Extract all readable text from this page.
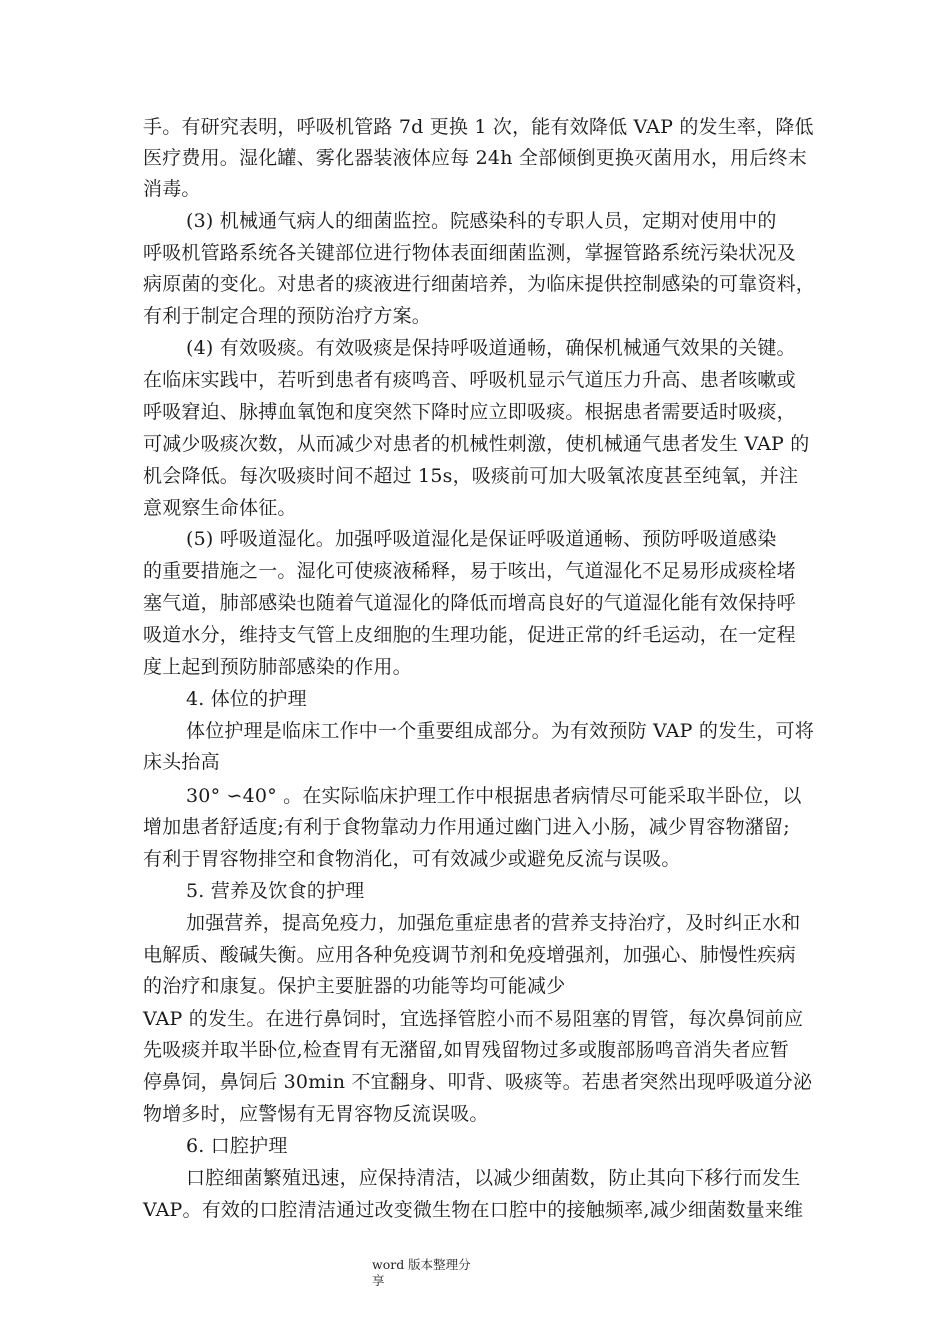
手。有研究表明，呼吸机管路 7d 更换 1 次，能有效降低 VAP 的发生率，降低
医疗费用。湿化罐、雾化器装液体应每 24h 全部倾倒更换灭菌用水，用后终末
消毒。
(3) 机械通气病人的细菌监控。院感染科的专职人员，定期对使用中的
呼吸机管路系统各关键部位进行物体表面细菌监测，掌握管路系统污染状况及
病原菌的变化。对患者的痰液进行细菌培养，为临床提供控制感染的可靠资料，
有利于制定合理的预防治疗方案。
(4) 有效吸痰。有效吸痰是保持呼吸道通畅，确保机械通气效果的关键。
在临床实践中，若听到患者有痰鸣音、呼吸机显示气道压力升高、患者咳嗽或
呼吸窘迫、脉搏血氧饱和度突然下降时应立即吸痰。根据患者需要适时吸痰，
可减少吸痰次数，从而减少对患者的机械性刺激，使机械通气患者发生 VAP 的
机会降低。每次吸痰时间不超过 15s，吸痰前可加大吸氧浓度甚至纯氧，并注
意观察生命体征。
(5) 呼吸道湿化。加强呼吸道湿化是保证呼吸道通畅、预防呼吸道感染
的重要措施之一。湿化可使痰液稀释，易于咳出，气道湿化不足易形成痰栓堵
塞气道，肺部感染也随着气道湿化的降低而增高良好的气道湿化能有效保持呼
吸道水分，维持支气管上皮细胞的生理功能，促进正常的纤毛运动，在一定程
度上起到预防肺部感染的作用。
4. 体位的护理
体位护理是临床工作中一个重要组成部分。为有效预防 VAP 的发生，可将
床头抬高
30° ∽40° 。在实际临床护理工作中根据患者病情尽可能采取半卧位，以
增加患者舒适度;有利于食物靠动力作用通过幽门进入小肠，减少胃容物潴留;
有利于胃容物排空和食物消化，可有效减少或避免反流与误吸。
5. 营养及饮食的护理
加强营养，提高免疫力，加强危重症患者的营养支持治疗，及时纠正水和
电解质、酸碱失衡。应用各种免疫调节剂和免疫增强剂，加强心、肺慢性疾病
的治疗和康复。保护主要脏器的功能等均可能减少
VAP 的发生。在进行鼻饲时，宜选择管腔小而不易阻塞的胃管，每次鼻饲前应
先吸痰并取半卧位,检查胃有无潴留,如胃残留物过多或腹部肠鸣音消失者应暂
停鼻饲，鼻饲后 30min 不宜翻身、叩背、吸痰等。若患者突然出现呼吸道分泌
物增多时，应警惕有无胃容物反流误吸。
6. 口腔护理
口腔细菌繁殖迅速，应保持清洁，以减少细菌数，防止其向下移行而发生
VAP。有效的口腔清洁通过改变微生物在口腔中的接触频率,减少细菌数量来维
word 版本整理分
享
